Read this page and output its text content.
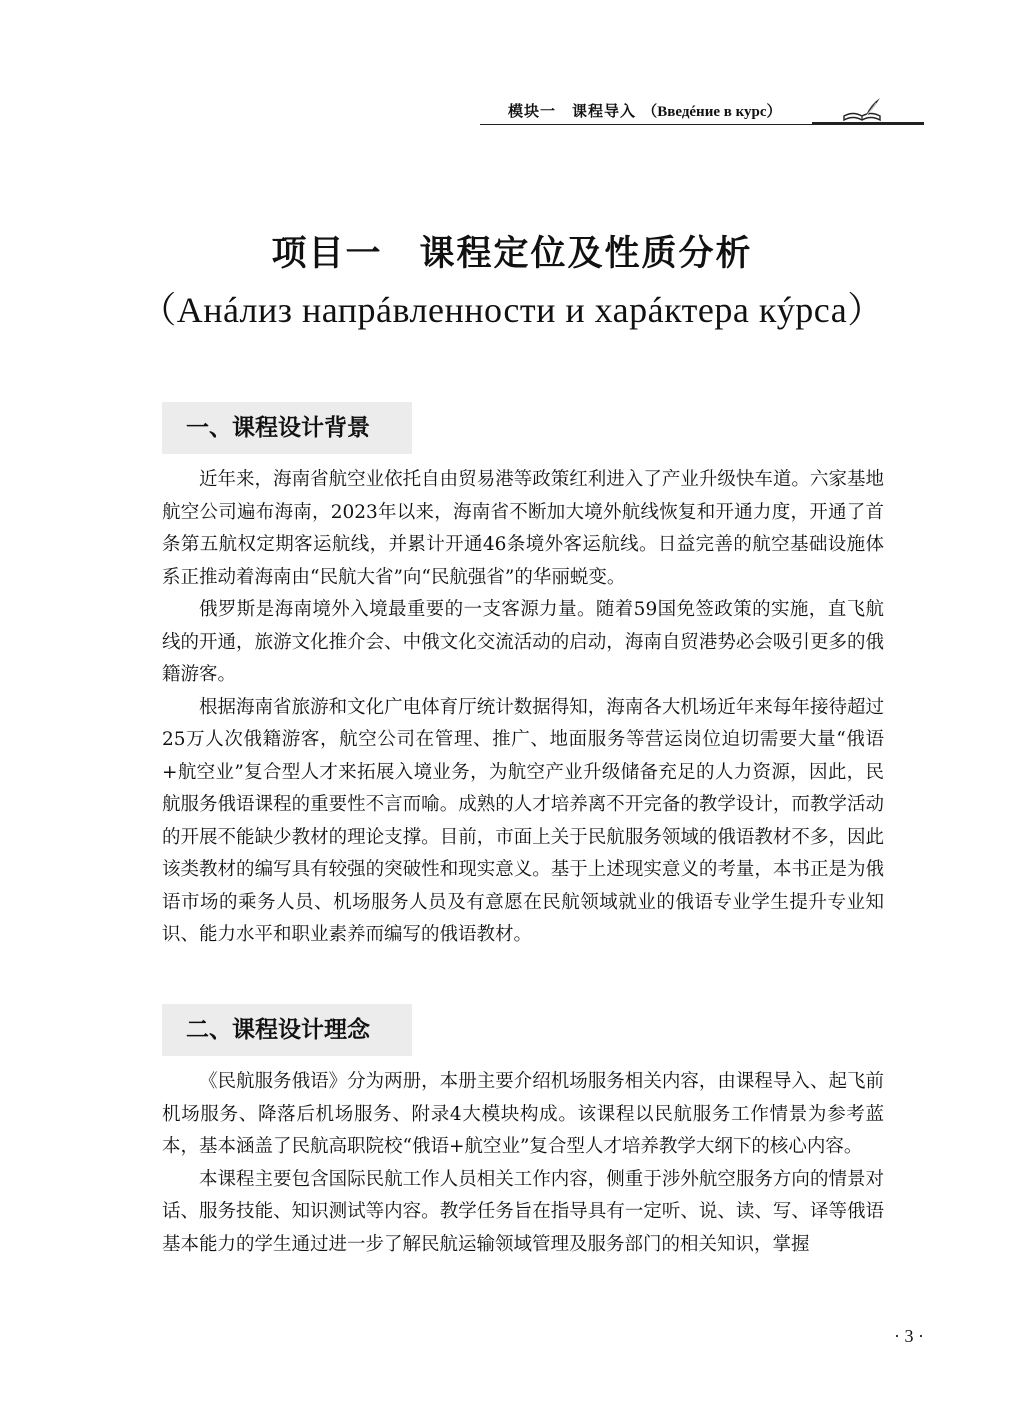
模块一　课程导入 （Введéние в курс）
项目一　课程定位及性质分析
（Анáлиз напрáвленности и харáктера кýрса）
一、课程设计背景

近年来，海南省航空业依托自由贸易港等政策红利进入了产业升级快车道。六家基地航空公司遍布海南，2023年以来，海南省不断加大境外航线恢复和开通力度，开通了首条第五航权定期客运航线，并累计开通46条境外客运航线。日益完善的航空基础设施体系正推动着海南由“民航大省”向“民航强省”的华丽蜕变。

俄罗斯是海南境外入境最重要的一支客源力量。随着59国免签政策的实施，直飞航线的开通，旅游文化推介会、中俄文化交流活动的启动，海南自贸港势必会吸引更多的俄籍游客。

根据海南省旅游和文化广电体育厅统计数据得知，海南各大机场近年来每年接待超过25万人次俄籍游客，航空公司在管理、推广、地面服务等营运岗位迫切需要大量“俄语+航空业”复合型人才来拓展入境业务，为航空产业升级储备充足的人力资源，因此，民航服务俄语课程的重要性不言而喻。成熟的人才培养离不开完备的教学设计，而教学活动的开展不能缺少教材的理论支撑。目前，市面上关于民航服务领域的俄语教材不多，因此该类教材的编写具有较强的突破性和现实意义。基于上述现实意义的考量，本书正是为俄语市场的乘务人员、机场服务人员及有意愿在民航领域就业的俄语专业学生提升专业知识、能力水平和职业素养而编写的俄语教材。

二、课程设计理念

《民航服务俄语》分为两册，本册主要介绍机场服务相关内容，由课程导入、起飞前机场服务、降落后机场服务、附录4大模块构成。该课程以民航服务工作情景为参考蓝本，基本涵盖了民航高职院校“俄语+航空业”复合型人才培养教学大纲下的核心内容。

本课程主要包含国际民航工作人员相关工作内容，侧重于涉外航空服务方向的情景对话、服务技能、知识测试等内容。教学任务旨在指导具有一定听、说、读、写、译等俄语基本能力的学生通过进一步了解民航运输领域管理及服务部门的相关知识，掌握

· 3 ·
